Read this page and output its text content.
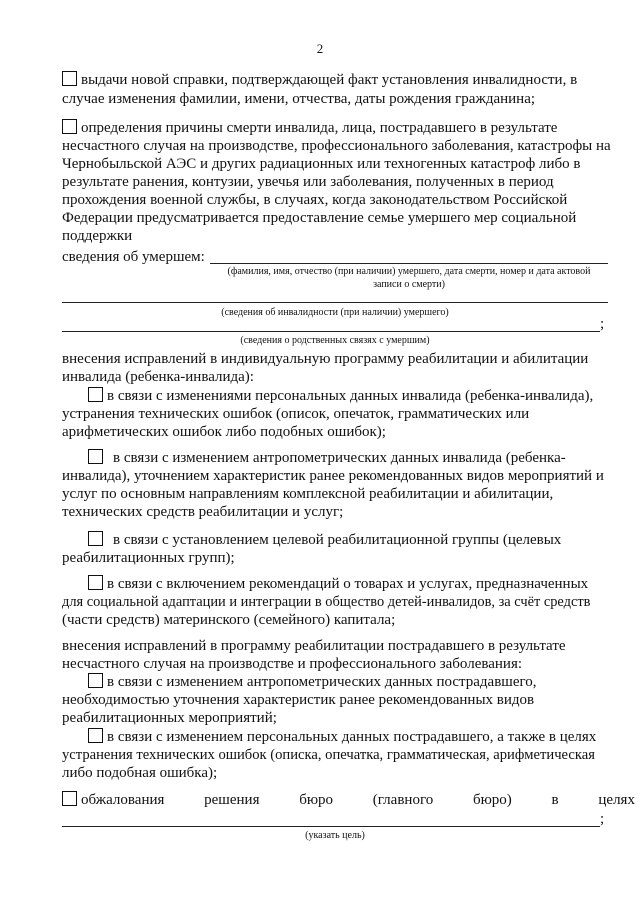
2
выдачи новой справки, подтверждающей факт установления инвалидности, в
случае изменения фамилии, имени, отчества, даты рождения гражданина;
определения причины смерти инвалида, лица, пострадавшего в результате
несчастного случая на производстве, профессионального заболевания, катастрофы на
Чернобыльской АЭС и других радиационных или техногенных катастроф либо в
результате ранения, контузии, увечья или заболевания, полученных в период
прохождения военной службы, в случаях, когда законодательством Российской
Федерации предусматривается предоставление семье умершего мер социальной
поддержки
сведения об умершем:
(фамилия, имя, отчество (при наличии) умершего, дата смерти, номер и дата актовой
записи о смерти)
(сведения об инвалидности (при наличии) умершего)
;
(сведения о родственных связях с умершим)
внесения исправлений в индивидуальную программу реабилитации и абилитации
инвалида (ребенка-инвалида):
в связи с изменениями персональных данных инвалида (ребенка-инвалида),
устранения технических ошибок (описок, опечаток, грамматических или
арифметических ошибок либо подобных ошибок);
в связи с изменением антропометрических данных инвалида (ребенка-
инвалида), уточнением характеристик ранее рекомендованных видов мероприятий и
услуг по основным направлениям комплексной реабилитации и абилитации,
технических средств реабилитации и услуг;
в связи с установлением целевой реабилитационной группы (целевых
реабилитационных групп);
в связи с включением рекомендаций о товарах и услугах, предназначенных
для социальной адаптации и интеграции в общество детей-инвалидов, за счёт средств
(части средств) материнского (семейного) капитала;
внесения исправлений в программу реабилитации пострадавшего в результате
несчастного случая на производстве и профессионального заболевания:
в связи с изменением антропометрических данных пострадавшего,
необходимостью уточнения характеристик ранее рекомендованных видов
реабилитационных мероприятий;
в связи с изменением персональных данных пострадавшего, а также в целях
устранения технических ошибок (описка, опечатка, грамматическая, арифметическая
либо подобная ошибка);
обжалования решения бюро (главного бюро) в целях
;
(указать цель)
